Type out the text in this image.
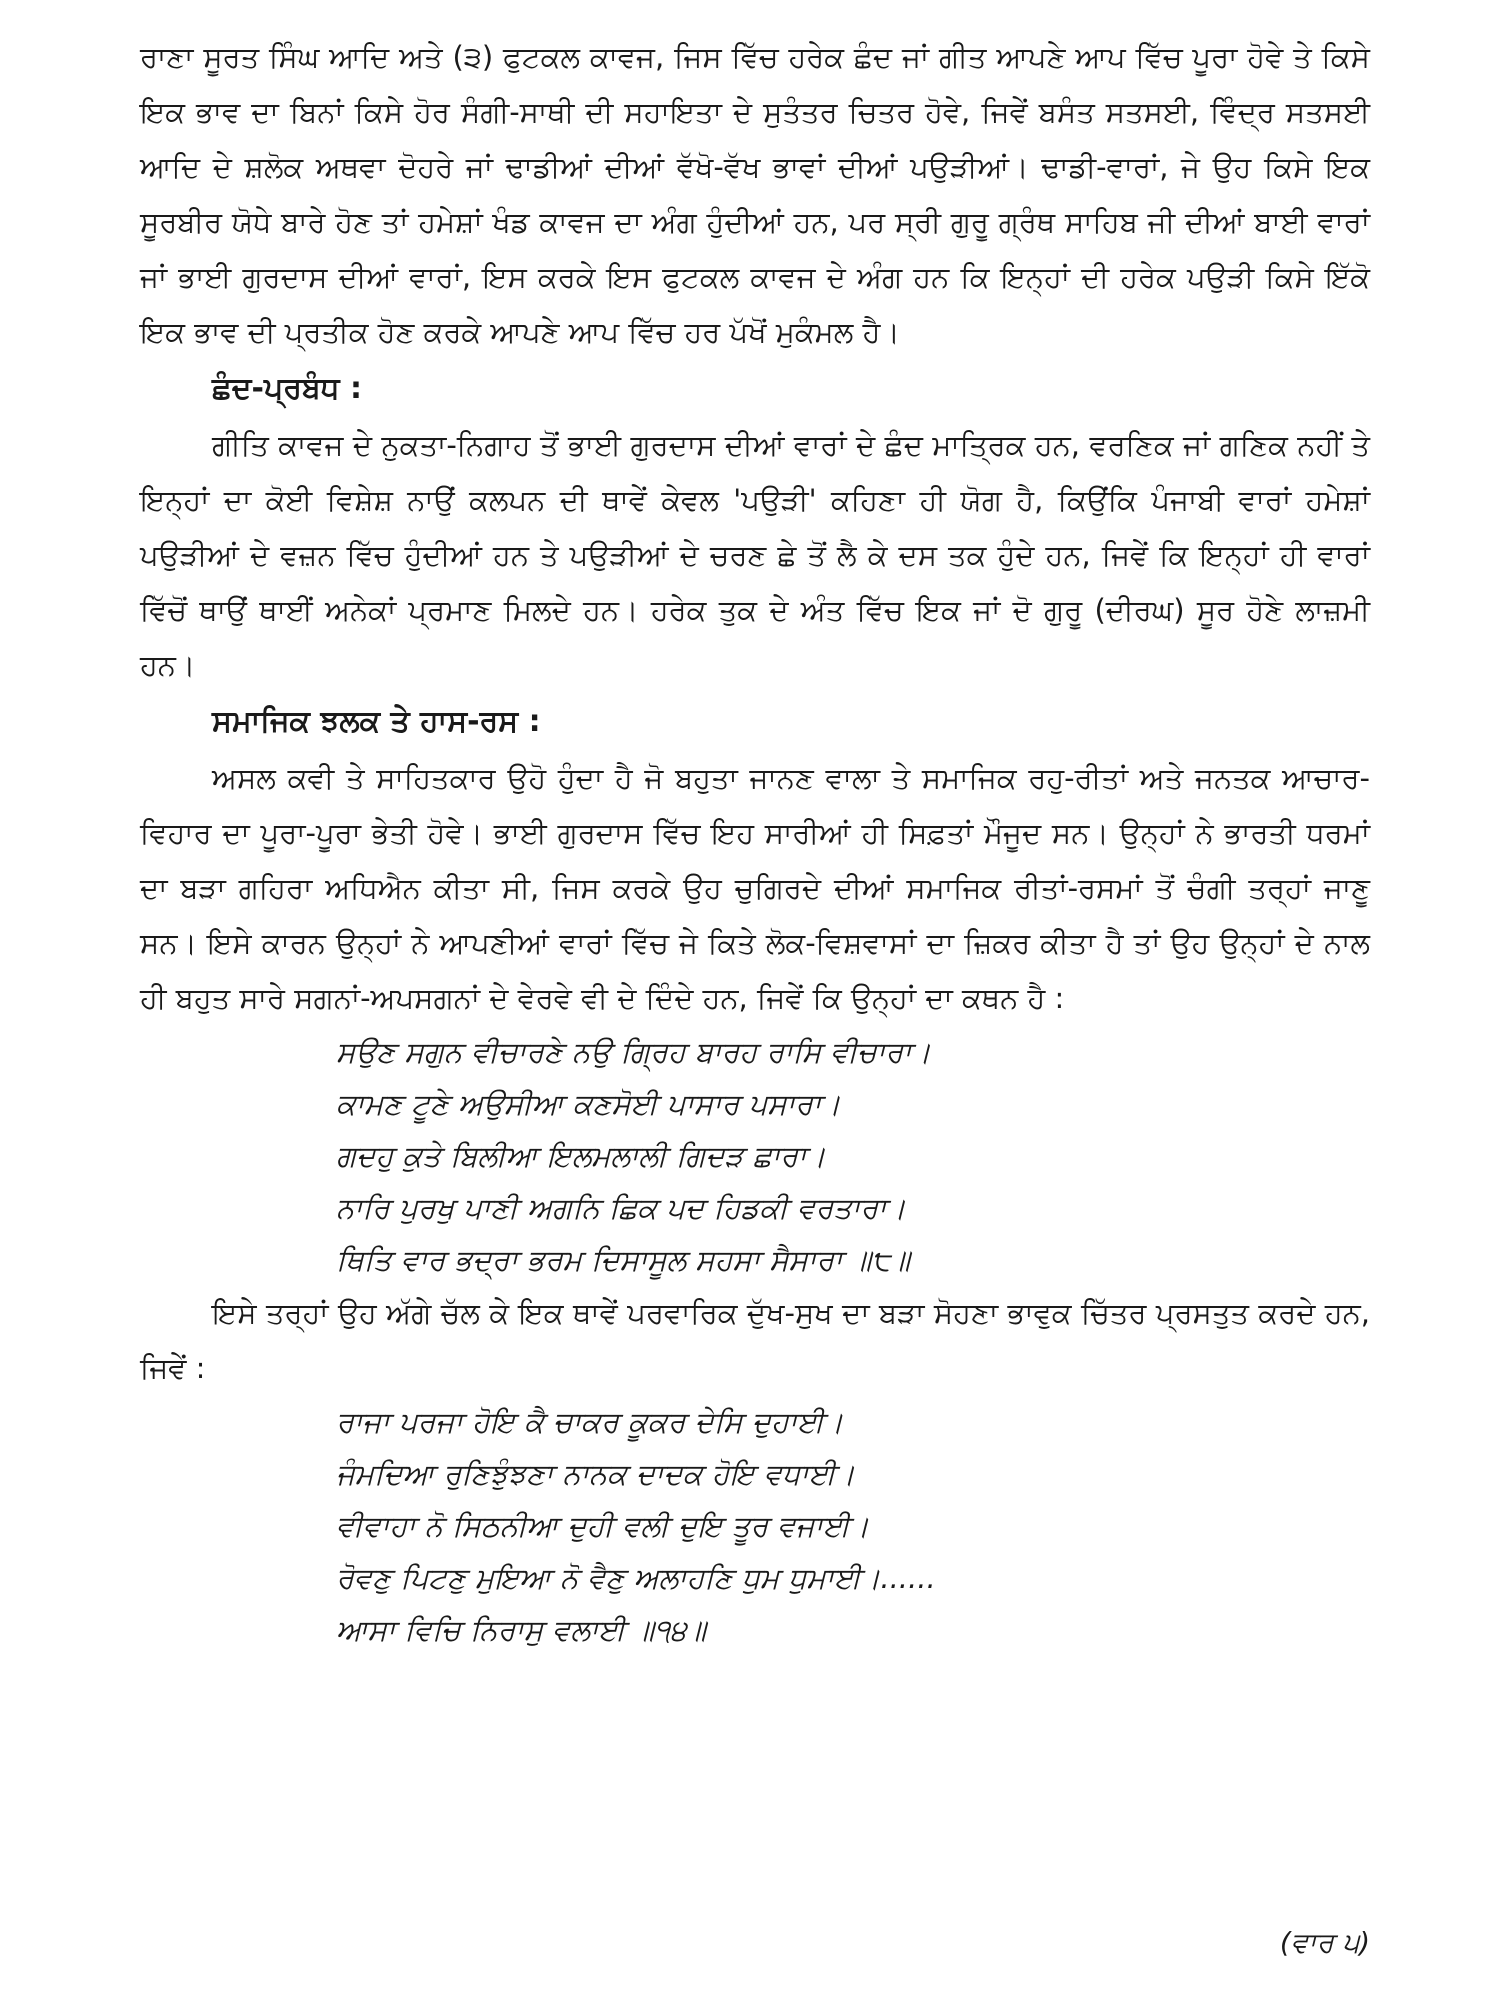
ਰਾਣਾ ਸੂਰਤ ਸਿੰਘ ਆਦਿ ਅਤੇ (੩) ਫੁਟਕਲ ਕਾਵਜ, ਜਿਸ ਵਿੱਚ ਹਰੇਕ ਛੰਦ ਜਾਂ ਗੀਤ ਆਪਣੇ ਆਪ ਵਿੱਚ ਪੂਰਾ ਹੋਵੇ ਤੇ ਕਿਸੇ ਇਕ ਭਾਵ ਦਾ ਬਿਨਾਂ ਕਿਸੇ ਹੋਰ ਸੰਗੀ-ਸਾਥੀ ਦੀ ਸਹਾਇਤਾ ਦੇ ਸੁਤੰਤਰ ਚਿਤਰ ਹੋਵੇ, ਜਿਵੇਂ ਬਸੰਤ ਸਤਸਈ, ਵਿੰਦ੍ਰ ਸਤਸਈ ਆਦਿ ਦੇ ਸ਼ਲੋਕ ਅਥਵਾ ਦੋਹਰੇ ਜਾਂ ਢਾਡੀਆਂ ਦੀਆਂ ਵੱਖੋ-ਵੱਖ ਭਾਵਾਂ ਦੀਆਂ ਪਉੜੀਆਂ। ਢਾਡੀ-ਵਾਰਾਂ, ਜੇ ਉਹ ਕਿਸੇ ਇਕ ਸੂਰਬੀਰ ਯੋਧੇ ਬਾਰੇ ਹੋਣ ਤਾਂ ਹਮੇਸ਼ਾਂ ਖੰਡ ਕਾਵਜ ਦਾ ਅੰਗ ਹੁੰਦੀਆਂ ਹਨ, ਪਰ ਸ੍ਰੀ ਗੁਰੂ ਗ੍ਰੰਥ ਸਾਹਿਬ ਜੀ ਦੀਆਂ ਬਾਈ ਵਾਰਾਂ ਜਾਂ ਭਾਈ ਗੁਰਦਾਸ ਦੀਆਂ ਵਾਰਾਂ, ਇਸ ਕਰਕੇ ਇਸ ਫੁਟਕਲ ਕਾਵਜ ਦੇ ਅੰਗ ਹਨ ਕਿ ਇਨ੍ਹਾਂ ਦੀ ਹਰੇਕ ਪਉੜੀ ਕਿਸੇ ਇੱਕੋ ਇਕ ਭਾਵ ਦੀ ਪ੍ਰਤੀਕ ਹੋਣ ਕਰਕੇ ਆਪਣੇ ਆਪ ਵਿੱਚ ਹਰ ਪੱਖੋਂ ਮੁਕੰਮਲ ਹੈ।

ਛੰਦ-ਪ੍ਰਬੰਧ :

ਗੀਤਿ ਕਾਵਜ ਦੇ ਨੁਕਤਾ-ਨਿਗਾਹ ਤੋਂ ਭਾਈ ਗੁਰਦਾਸ ਦੀਆਂ ਵਾਰਾਂ ਦੇ ਛੰਦ ਮਾਤ੍ਰਿਕ ਹਨ, ਵਰਣਿਕ ਜਾਂ ਗਣਿਕ ਨਹੀਂ ਤੇ ਇਨ੍ਹਾਂ ਦਾ ਕੋਈ ਵਿਸ਼ੇਸ਼ ਨਾਉਂ ਕਲਪਨ ਦੀ ਥਾਵੇਂ ਕੇਵਲ 'ਪਉੜੀ' ਕਹਿਣਾ ਹੀ ਯੋਗ ਹੈ, ਕਿਉਂਕਿ ਪੰਜਾਬੀ ਵਾਰਾਂ ਹਮੇਸ਼ਾਂ ਪਉੜੀਆਂ ਦੇ ਵਜ਼ਨ ਵਿੱਚ ਹੁੰਦੀਆਂ ਹਨ ਤੇ ਪਉੜੀਆਂ ਦੇ ਚਰਣ ਛੇ ਤੋਂ ਲੈ ਕੇ ਦਸ ਤਕ ਹੁੰਦੇ ਹਨ, ਜਿਵੇਂ ਕਿ ਇਨ੍ਹਾਂ ਹੀ ਵਾਰਾਂ ਵਿੱਚੋਂ ਥਾਉਂ ਥਾਈਂ ਅਨੇਕਾਂ ਪ੍ਰਮਾਣ ਮਿਲਦੇ ਹਨ। ਹਰੇਕ ਤੁਕ ਦੇ ਅੰਤ ਵਿੱਚ ਇਕ ਜਾਂ ਦੋ ਗੁਰੂ (ਦੀਰਘ) ਸੂਰ ਹੋਣੇ ਲਾਜ਼ਮੀ ਹਨ।

ਸਮਾਜਿਕ ਝਲਕ ਤੇ ਹਾਸ-ਰਸ :

ਅਸਲ ਕਵੀ ਤੇ ਸਾਹਿਤਕਾਰ ਉਹੋ ਹੁੰਦਾ ਹੈ ਜੋ ਬਹੁਤਾ ਜਾਨਣ ਵਾਲਾ ਤੇ ਸਮਾਜਿਕ ਰਹੁ-ਰੀਤਾਂ ਅਤੇ ਜਨਤਕ ਆਚਾਰ-ਵਿਹਾਰ ਦਾ ਪੂਰਾ-ਪੂਰਾ ਭੇਤੀ ਹੋਵੇ। ਭਾਈ ਗੁਰਦਾਸ ਵਿੱਚ ਇਹ ਸਾਰੀਆਂ ਹੀ ਸਿਫ਼ਤਾਂ ਮੌਜੂਦ ਸਨ। ਉਨ੍ਹਾਂ ਨੇ ਭਾਰਤੀ ਧਰਮਾਂ ਦਾ ਬੜਾ ਗਹਿਰਾ ਅਧਿਐਨ ਕੀਤਾ ਸੀ, ਜਿਸ ਕਰਕੇ ਉਹ ਚੁਗਿਰਦੇ ਦੀਆਂ ਸਮਾਜਿਕ ਰੀਤਾਂ-ਰਸਮਾਂ ਤੋਂ ਚੰਗੀ ਤਰ੍ਹਾਂ ਜਾਣੂ ਸਨ। ਇਸੇ ਕਾਰਨ ਉਨ੍ਹਾਂ ਨੇ ਆਪਣੀਆਂ ਵਾਰਾਂ ਵਿੱਚ ਜੇ ਕਿਤੇ ਲੋਕ-ਵਿਸ਼ਵਾਸਾਂ ਦਾ ਜ਼ਿਕਰ ਕੀਤਾ ਹੈ ਤਾਂ ਉਹ ਉਨ੍ਹਾਂ ਦੇ ਨਾਲ ਹੀ ਬਹੁਤ ਸਾਰੇ ਸਗਨਾਂ-ਅਪਸਗਨਾਂ ਦੇ ਵੇਰਵੇ ਵੀ ਦੇ ਦਿੰਦੇ ਹਨ, ਜਿਵੇਂ ਕਿ ਉਨ੍ਹਾਂ ਦਾ ਕਥਨ ਹੈ :

ਸਉਣ ਸਗੁਨ ਵੀਚਾਰਣੇ ਨਉ ਗ੍ਰਿਹ ਬਾਰਹ ਰਾਸਿ ਵੀਚਾਰਾ।
ਕਾਮਣ ਟੂਣੇ ਅਉਸੀਆ ਕਣਸੋਈ ਪਾਸਾਰ ਪਸਾਰਾ।
ਗਦਹੁ ਕੁਤੇ ਬਿਲੀਆ ਇਲਮਲਾਲੀ ਗਿਦੜ ਛਾਰਾ।
ਨਾਰਿ ਪੁਰਖੁ ਪਾਣੀ ਅਗਨਿ ਛਿਕ ਪਦ ਹਿਡਕੀ ਵਰਤਾਰਾ।
ਥਿਤਿ ਵਾਰ ਭਦ੍ਰਾ ਭਰਮ ਦਿਸਾਸੂਲ ਸਹਸਾ ਸੈਸਾਰਾ ॥੮॥

ਇਸੇ ਤਰ੍ਹਾਂ ਉਹ ਅੱਗੇ ਚੱਲ ਕੇ ਇਕ ਥਾਵੇਂ ਪਰਵਾਰਿਕ ਦੁੱਖ-ਸੁਖ ਦਾ ਬੜਾ ਸੋਹਣਾ ਭਾਵੁਕ ਚਿੱਤਰ ਪ੍ਰਸਤੁਤ ਕਰਦੇ ਹਨ, ਜਿਵੇਂ :

ਰਾਜਾ ਪਰਜਾ ਹੋਇ ਕੈ ਚਾਕਰ ਕੂਕਰ ਦੇਸਿ ਦੁਹਾਈ।
ਜੰਮਦਿਆ ਰੁਣਿਝੁੰਝਣਾ ਨਾਨਕ ਦਾਦਕ ਹੋਇ ਵਧਾਈ।
ਵੀਵਾਹਾ ਨੋ ਸਿਠਨੀਆ ਦੁਹੀ ਵਲੀ ਦੁਇ ਤੂਰ ਵਜਾਈ।
ਰੋਵਣੁ ਪਿਟਣੁ ਮੁਇਆ ਨੋ ਵੈਣੁ ਅਲਾਹਣਿ ਧੁਮ ਧੁਮਾਈ।......
ਆਸਾ ਵਿਚਿ ਨਿਰਾਸੁ ਵਲਾਈ ॥੧੪॥
(ਵਾਰ ੫)
